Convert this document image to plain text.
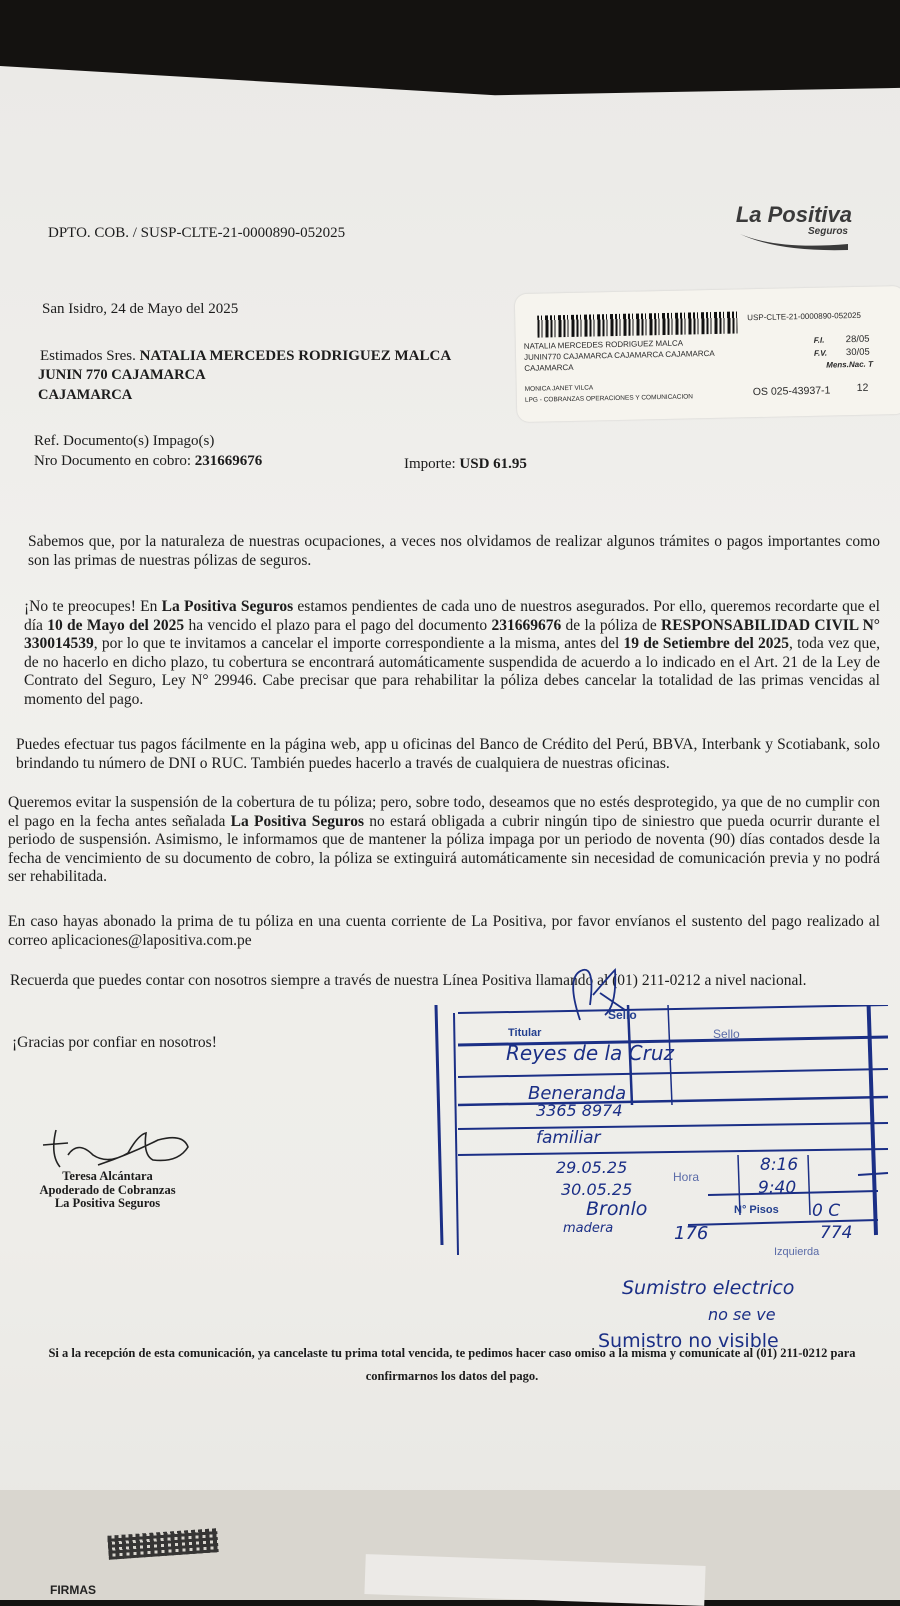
FIRMAS
DPTO. COB. / SUSP-CLTE-21-0000890-052025
La Positiva
Seguros
San Isidro, 24 de Mayo del 2025
Estimados Sres. NATALIA MERCEDES RODRIGUEZ MALCA
JUNIN 770 CAJAMARCA
CAJAMARCA
USP-CLTE-21-0000890-052025
NATALIA MERCEDES RODRIGUEZ MALCA
JUNIN770 CAJAMARCA CAJAMARCA CAJAMARCA
CAJAMARCA
MONICA JANET VILCA
LPG - COBRANZAS OPERACIONES Y COMUNICACION
F.I. 28/05
F.V. 30/05
Mens.Nac. T
OS 025-43937-1 12
Ref. Documento(s) Impago(s)
Nro Documento en cobro: 231669676	Importe: USD 61.95
Sabemos que, por la naturaleza de nuestras ocupaciones, a veces nos olvidamos de realizar algunos trámites o pagos importantes como son las primas de nuestras pólizas de seguros.
¡No te preocupes! En La Positiva Seguros estamos pendientes de cada uno de nuestros asegurados. Por ello, queremos recordarte que el día 10 de Mayo del 2025 ha vencido el plazo para el pago del documento 231669676 de la póliza de RESPONSABILIDAD CIVIL N° 330014539, por lo que te invitamos a cancelar el importe correspondiente a la misma, antes del 19 de Setiembre del 2025, toda vez que, de no hacerlo en dicho plazo, tu cobertura se encontrará automáticamente suspendida de acuerdo a lo indicado en el Art. 21 de la Ley de Contrato del Seguro, Ley N° 29946. Cabe precisar que para rehabilitar la póliza debes cancelar la totalidad de las primas vencidas al momento del pago.
Puedes efectuar tus pagos fácilmente en la página web, app u oficinas del Banco de Crédito del Perú, BBVA, Interbank y Scotiabank, solo brindando tu número de DNI o RUC. También puedes hacerlo a través de cualquiera de nuestras oficinas.
Queremos evitar la suspensión de la cobertura de tu póliza; pero, sobre todo, deseamos que no estés desprotegido, ya que de no cumplir con el pago en la fecha antes señalada La Positiva Seguros no estará obligada a cubrir ningún tipo de siniestro que pueda ocurrir durante el periodo de suspensión. Asimismo, le informamos que de mantener la póliza impaga por un periodo de noventa (90) días contados desde la fecha de vencimiento de su documento de cobro, la póliza se extinguirá automáticamente sin necesidad de comunicación previa y no podrá ser rehabilitada.
En caso hayas abonado la prima de tu póliza en una cuenta corriente de La Positiva, por favor envíanos el sustento del pago realizado al correo aplicaciones@lapositiva.com.pe
Recuerda que puedes contar con nosotros siempre a través de nuestra Línea Positiva llamando al (01) 211-0212 a nivel nacional.
¡Gracias por confiar en nosotros!
Teresa Alcántara
Apoderado de Cobranzas
La Positiva Seguros
Sello
Sello
Titular
Hora
N° Pisos
Izquierda
Reyes de la Cruz
Beneranda
3365 8974
familiar
29.05.25
30.05.25
8:16
9:40
Bronlo
madera	176
0 C
774
Sumistro electrico
no se ve
Sumistro no visible
Si a la recepción de esta comunicación, ya cancelaste tu prima total vencida, te pedimos hacer caso omiso a la misma y comunícate al (01) 211-0212 para confirmarnos los datos del pago.
